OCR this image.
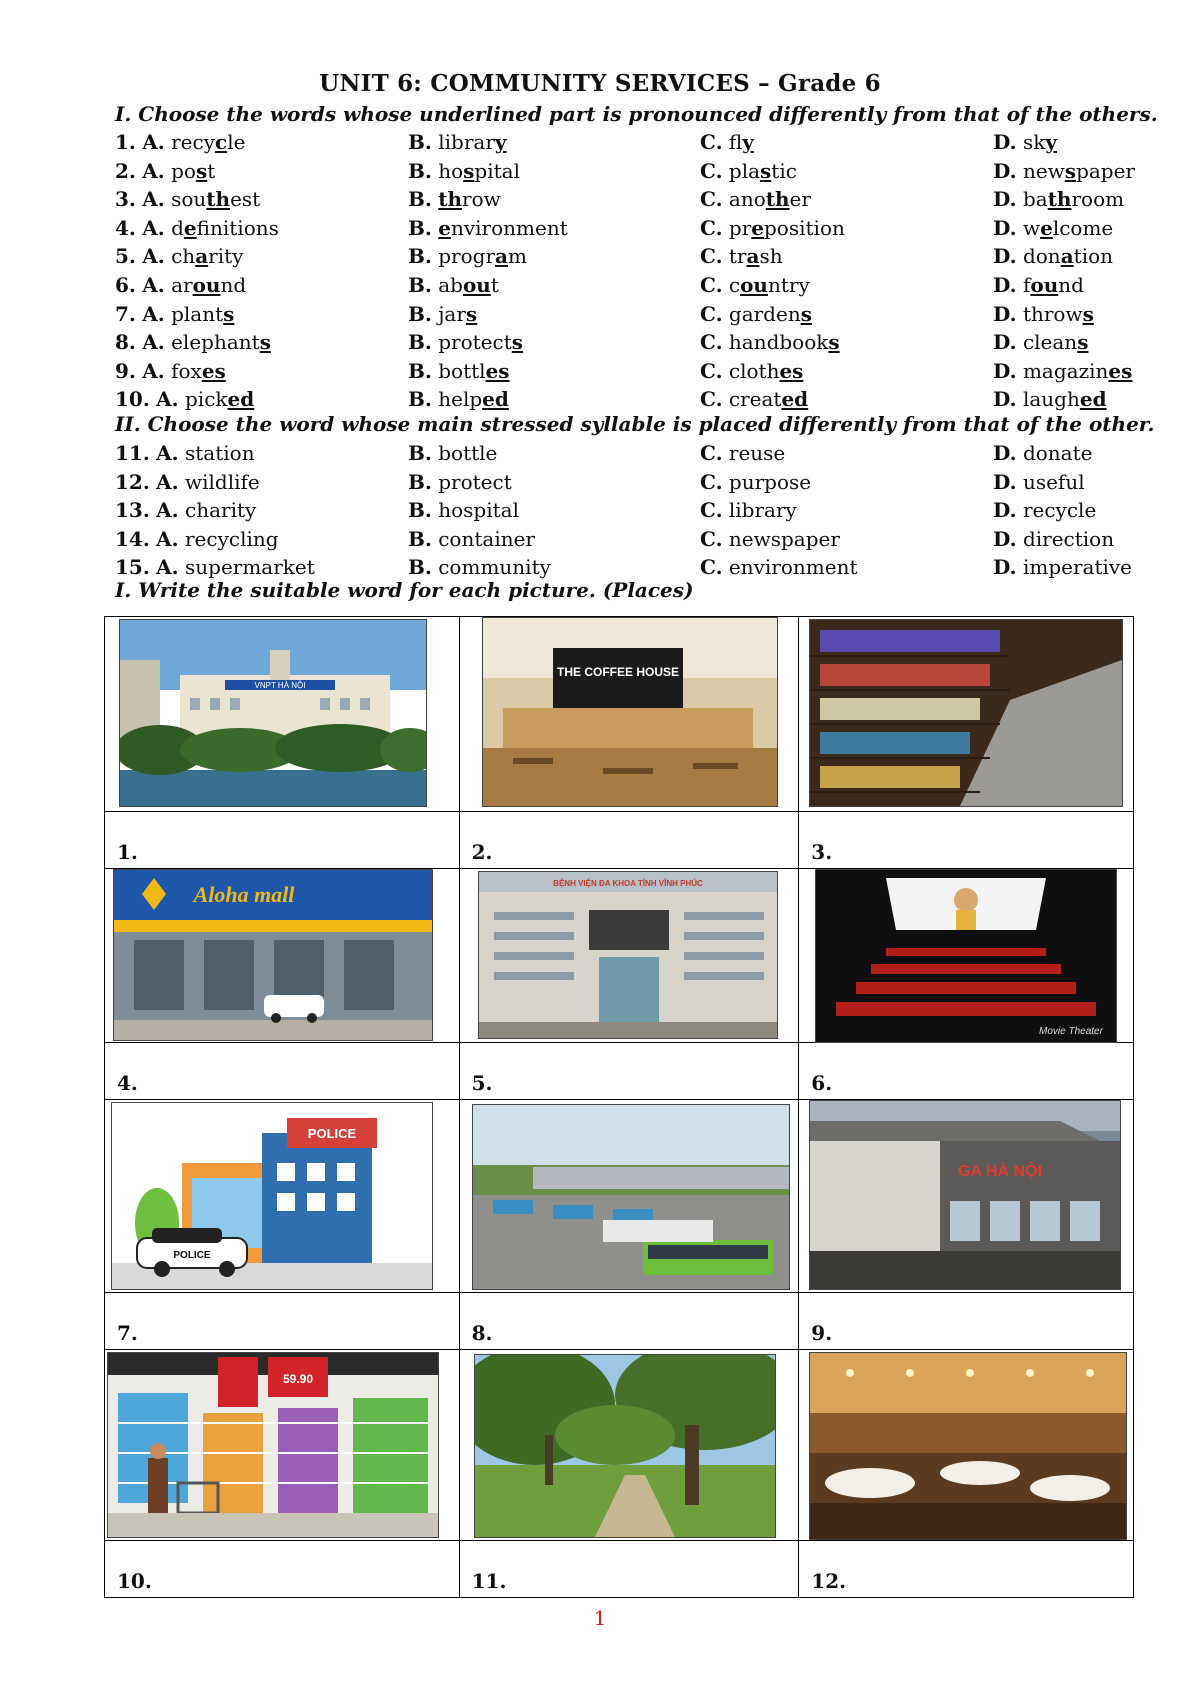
UNIT 6: COMMUNITY SERVICES – Grade 6
I. Choose the words whose underlined part is pronounced differently from that of the others.
1. A. recycle	B. library	C. fly	D. sky
2. A. post	B. hospital	C. plastic	D. newspaper
3. A. southest	B. throw	C. another	D. bathroom
4. A. definitions	B. environment	C. preposition	D. welcome
5. A. charity	B. program	C. trash	D. donation
6. A. around	B. about	C. country	D. found
7. A. plants	B. jars	C. gardens	D. throws
8. A. elephants	B. protects	C. handbooks	D. cleans
9. A. foxes	B. bottles	C. clothes	D. magazines
10. A. picked	B. helped	C. created	D. laughed
II. Choose the word whose main stressed syllable is placed differently from that of the other.
11. A. station	B. bottle	C. reuse	D. donate
12. A. wildlife	B. protect	C. purpose	D. useful
13. A. charity	B. hospital	C. library	D. recycle
14. A. recycling	B. container	C. newspaper	D. direction
15. A. supermarket	B. community	C. environment	D. imperative
I. Write the suitable word for each picture. (Places)
VNPT HÀ NỘI	THE COFFEE HOUSE

1.	2.	3.

Aloha mall	BỆNH VIỆN ĐA KHOA TỈNH VĨNH PHÚC	Movie Theater

4.	5.	6.

POLICE
POLICE		GA HÀ NỘI

7.	8.	9.

59.90

10.	11.	12.
1
